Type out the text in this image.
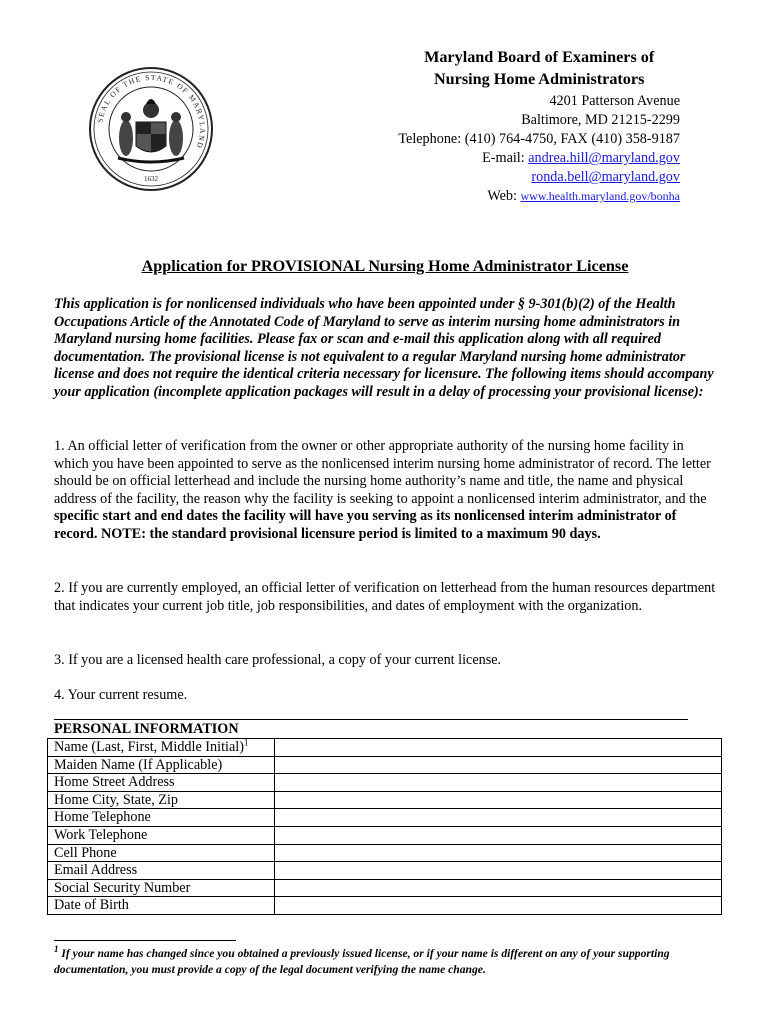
SEAL OF THE STATE OF MARYLAND
1632
Maryland Board of Examiners of
Nursing Home Administrators
4201 Patterson Avenue
Baltimore, MD 21215-2299
Telephone: (410) 764-4750, FAX (410) 358-9187
E-mail: andrea.hill@maryland.gov
ronda.bell@maryland.gov
Web: www.health.maryland.gov/bonha
Application for PROVISIONAL Nursing Home Administrator License
This application is for nonlicensed individuals who have been appointed under § 9-301(b)(2) of the Health Occupations Article of the Annotated Code of Maryland to serve as interim nursing home administrators in Maryland nursing home facilities. Please fax or scan and e-mail this application along with all required documentation. The provisional license is not equivalent to a regular Maryland nursing home administrator license and does not require the identical criteria necessary for licensure. The following items should accompany your application (incomplete application packages will result in a delay of processing your provisional license):
1. An official letter of verification from the owner or other appropriate authority of the nursing home facility in which you have been appointed to serve as the nonlicensed interim nursing home administrator of record. The letter should be on official letterhead and include the nursing home authority’s name and title, the name and physical address of the facility, the reason why the facility is seeking to appoint a nonlicensed interim administrator, and the specific start and end dates the facility will have you serving as its nonlicensed interim administrator of record. NOTE: the standard provisional licensure period is limited to a maximum 90 days.
2. If you are currently employed, an official letter of verification on letterhead from the human resources department that indicates your current job title, job responsibilities, and dates of employment with the organization.
3. If you are a licensed health care professional, a copy of your current license.
4. Your current resume.
PERSONAL INFORMATION
Name (Last, First, Middle Initial)$^1$	
Maiden Name (If Applicable)	
Home Street Address	
Home City, State, Zip	
Home Telephone	
Work Telephone	
Cell Phone	
Email Address	
Social Security Number	
Date of Birth	
$^1$ If your name has changed since you obtained a previously issued license, or if your name is different on any of your supporting documentation, you must provide a copy of the legal document verifying the name change.
